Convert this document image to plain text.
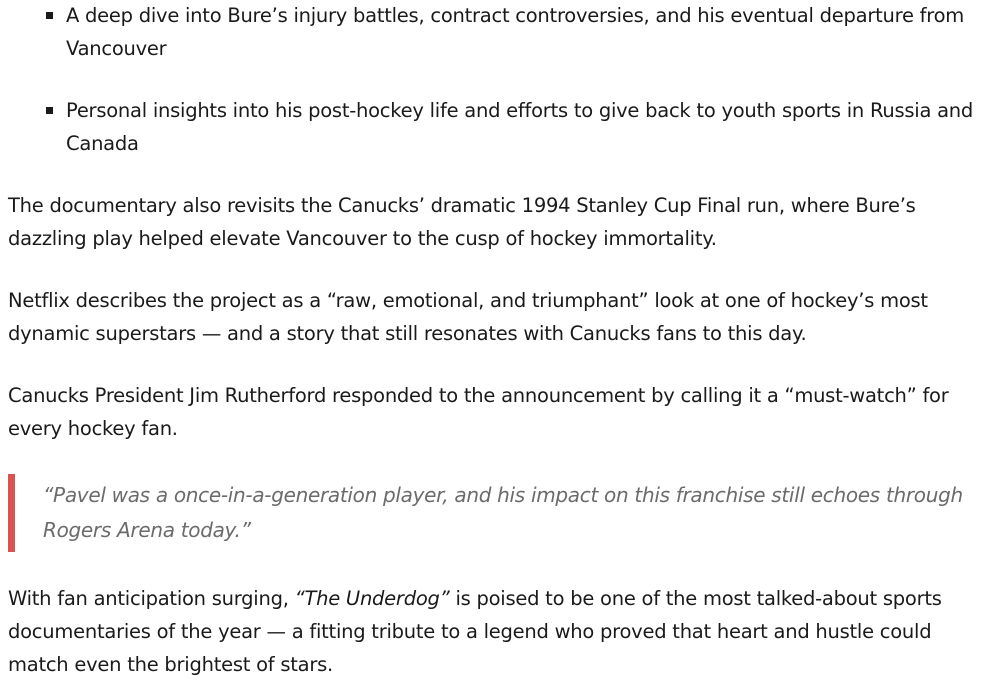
A deep dive into Bure’s injury battles, contract controversies, and his eventual departure from Vancouver
Personal insights into his post-hockey life and efforts to give back to youth sports in Russia and Canada

The documentary also revisits the Canucks’ dramatic 1994 Stanley Cup Final run, where Bure’s dazzling play helped elevate Vancouver to the cusp of hockey immortality.

Netflix describes the project as a “raw, emotional, and triumphant” look at one of hockey’s most dynamic superstars — and a story that still resonates with Canucks fans to this day.

Canucks President Jim Rutherford responded to the announcement by calling it a “must-watch” for every hockey fan.

“Pavel was a once-in-a-generation player, and his impact on this franchise still echoes through Rogers Arena today.”

With fan anticipation surging, “The Underdog” is poised to be one of the most talked-about sports documentaries of the year — a fitting tribute to a legend who proved that heart and hustle could match even the brightest of stars.
